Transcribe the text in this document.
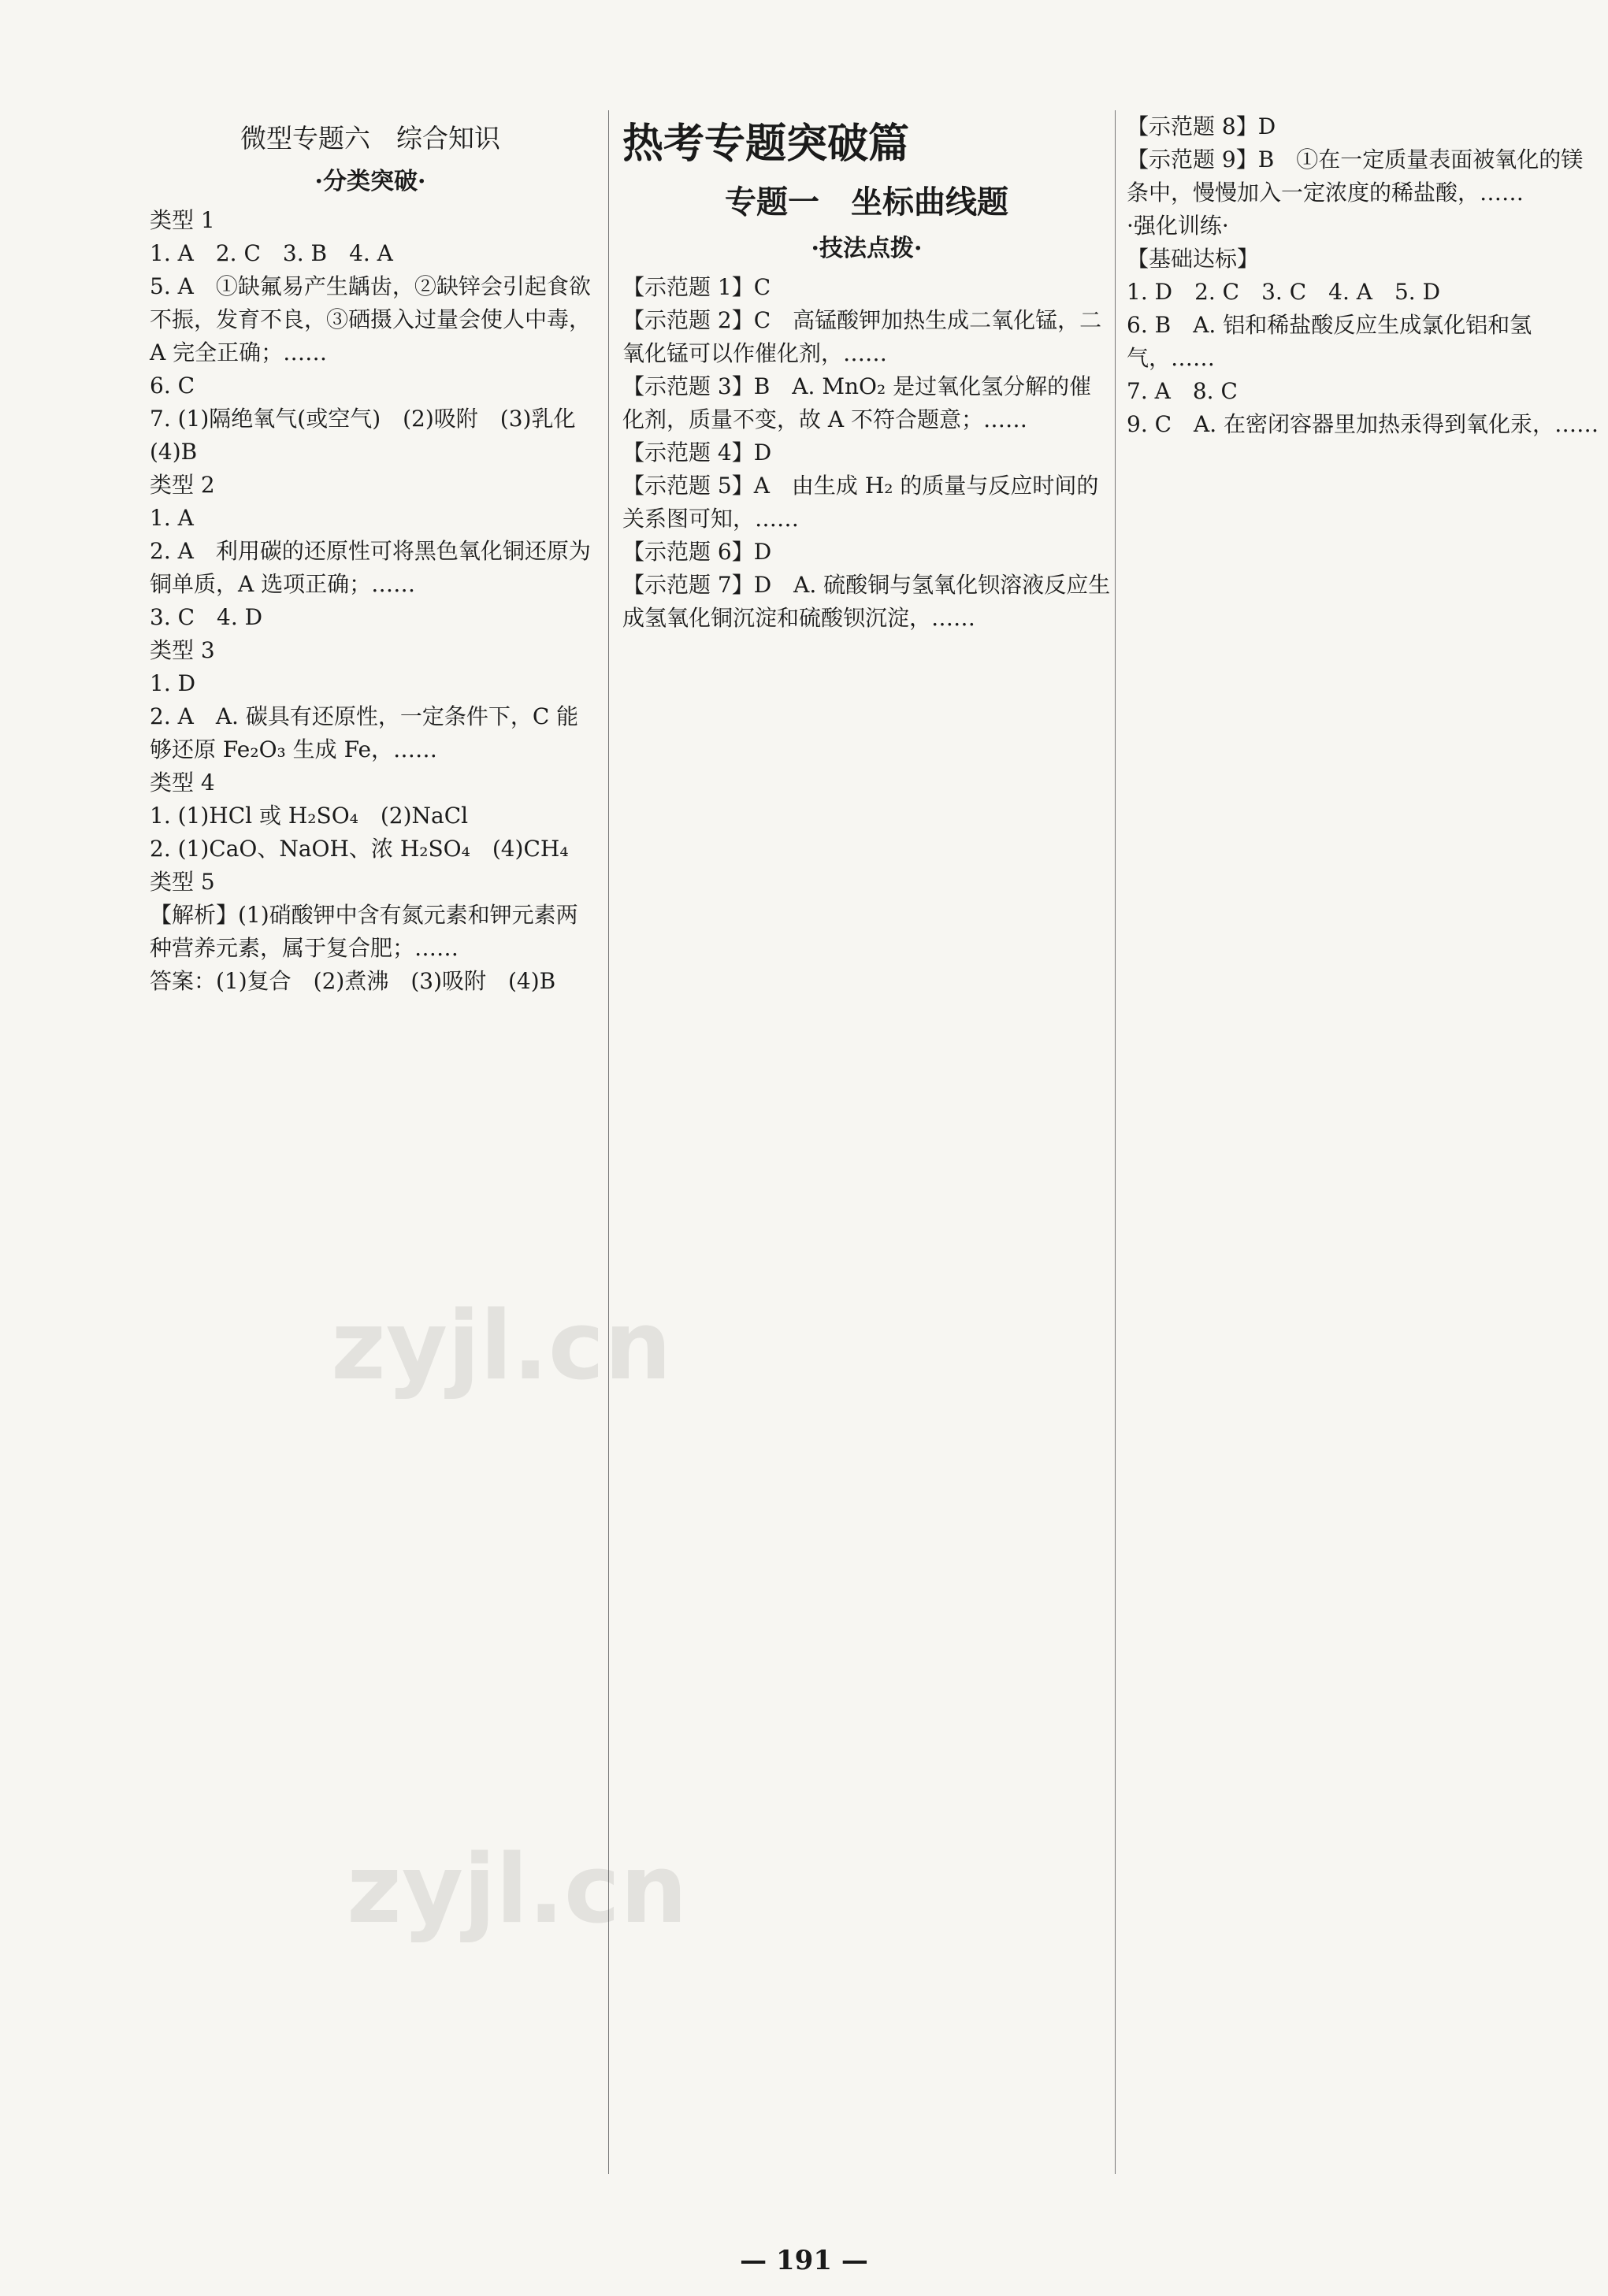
微型专题六　综合知识
·分类突破·

类型 1

1. A　2. C　3. B　4. A

5. A　①缺氟易产生龋齿，②缺锌会引起食欲不振，发育不良，③硒摄入过量会使人中毒，A 完全正确；……

6. C

7. (1)隔绝氧气(或空气)　(2)吸附　(3)乳化　(4)B

类型 2

1. A

2. A　利用碳的还原性可将黑色氧化铜还原为铜单质，A 选项正确；……

3. C　4. D

类型 3

1. D

2. A　A. 碳具有还原性，一定条件下，C 能够还原 Fe₂O₃ 生成 Fe，……

类型 4

1. (1)HCl 或 H₂SO₄　(2)NaCl

2. (1)CaO、NaOH、浓 H₂SO₄　(4)CH₄

类型 5

【解析】(1)硝酸钾中含有氮元素和钾元素两种营养元素，属于复合肥；……

答案：(1)复合　(2)煮沸　(3)吸附　(4)B

热考专题突破篇
专题一　坐标曲线题
·技法点拨·

【示范题 1】C

【示范题 2】C　高锰酸钾加热生成二氧化锰，二氧化锰可以作催化剂，……

【示范题 3】B　A. MnO₂ 是过氧化氢分解的催化剂，质量不变，故 A 不符合题意；……

【示范题 4】D

【示范题 5】A　由生成 H₂ 的质量与反应时间的关系图可知，……

【示范题 6】D

【示范题 7】D　A. 硫酸铜与氢氧化钡溶液反应生成氢氧化铜沉淀和硫酸钡沉淀，……

【示范题 8】D

【示范题 9】B　①在一定质量表面被氧化的镁条中，慢慢加入一定浓度的稀盐酸，……

·强化训练·

【基础达标】

1. D　2. C　3. C　4. A　5. D

6. B　A. 铝和稀盐酸反应生成氯化铝和氢气，……

7. A　8. C

9. C　A. 在密闭容器里加热汞得到氧化汞，……

zyjl.cn
zyjl.cn
— 191 —
